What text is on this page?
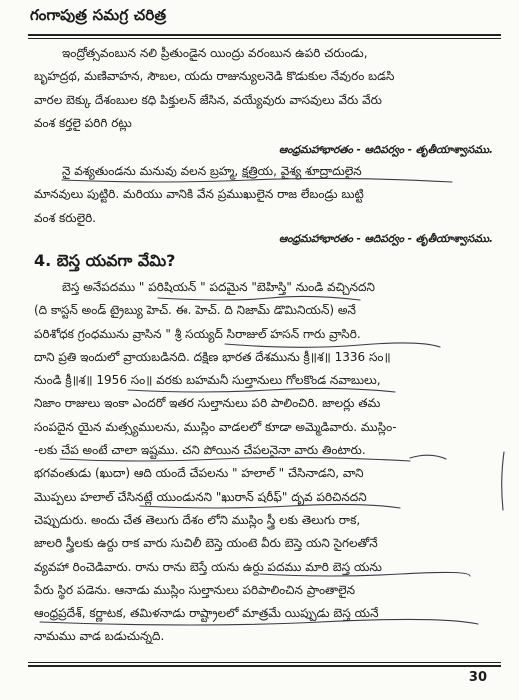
గంగాపుత్ర సమగ్ర చరిత్ర
ఇంద్రోత్సవంబున నలి ప్రీతుండైన యింద్రు వరంబున ఉపరి చరుండు,
బృహద్రథ, మణివాహన, సౌబల, యదు రాజున్యులనెడి కొడుకుల నేవురం బడసి
వారల బెక్కు దేశంబుల కధి పిక్తులన్ జేసిన, వయ్యేవురు వాసవులు వేరు వేరు
వంశ కర్తలై పరిగి రట్లు
ఆంధ్రమహాభారతం - ఆదిపర్వం - తృతీయాశ్వాసము.
నై వశ్యతుండను మనువు వలన బ్రహ్మ, క్షత్రియ, వైశ్య శూద్రాదులైన
మానవులు పుట్టిరి. మరియు వానికి వేన ప్రముఖులైన రాజ లేబండ్రు బుట్టి
వంశ కరులైరి.
ఆంధ్రమహాభారతం - ఆదిపర్వం - తృతీయాశ్వాసము.
4. బెస్త యవగా వేమి?
బెస్త అనేపదము " పరిషియన్ " పదమైన "బెహిస్తి" నుండి వచ్చినదని
(ది కాస్టన్ అండ్ ట్రైబ్యు హెచ్. ఈ. హెచ్. ది నిజామ్ డొమినియన్) అనే
పరిశోధక గ్రంధమును వ్రాసిన " శ్రీ సయ్యద్ సిరాజుల్ హసన్ గారు వ్రాసిరి.
దాని ప్రతి ఇందులో వ్రాయబడినది. దక్షిణ భారత దేశమును క్రీ॥శ॥ 1336 సం॥
నుండి క్రీ॥శ॥ 1956 సం॥ వరకు బహమనీ సుల్తానులు గోలకొండ నవాబులు,
నిజాం రాజులు ఇంకా ఎందరో ఇతర సుల్తానులు పరి పాలించిరి. జాలర్లు తమ
సంపదైన యైన మత్స్యములను, ముస్లిం వాడలలో కూడా అమ్మెడివారు. ముస్లిం-
-లకు చేప అంటే చాలా ఇష్టము. చని పోయిన చేపలనైనా వారు తింటారు.
భగవంతుడు (ఖుదా) ఆది యందే చేపలను " హలాల్ " చేసినాడని, వాని
మొప్పలు హలాల్ చేసినట్లే యుండునని "ఖురాన్ షరీఫ్" దృవ పరిచినదని
చెప్పుదురు. అందు చేత తెలుగు దేశం లోని ముస్లిం స్త్రీ లకు తెలుగు రాక,
జాలరి స్త్రీలకు ఉర్దు రాక వారు సుచిలీ బెస్తె యంటె వీరు బెస్తె యని సైగలతోనే
వ్యవహా రించెడివారు. రాను రాను బెస్తే యను ఉర్దు పదము మారి బెస్త యను
పేరు స్థిర పడెను. ఆనాడు ముస్లిం సుల్తానులు పరిపాలించిన ప్రాంతాలైన
ఆంధ్రప్రదేశ్, కర్ణాటక, తమిళనాడు రాష్ట్రాలలో మాత్రమే యిప్పుడు బెస్త యనే
నామము వాడ బడుచున్నది.
30
